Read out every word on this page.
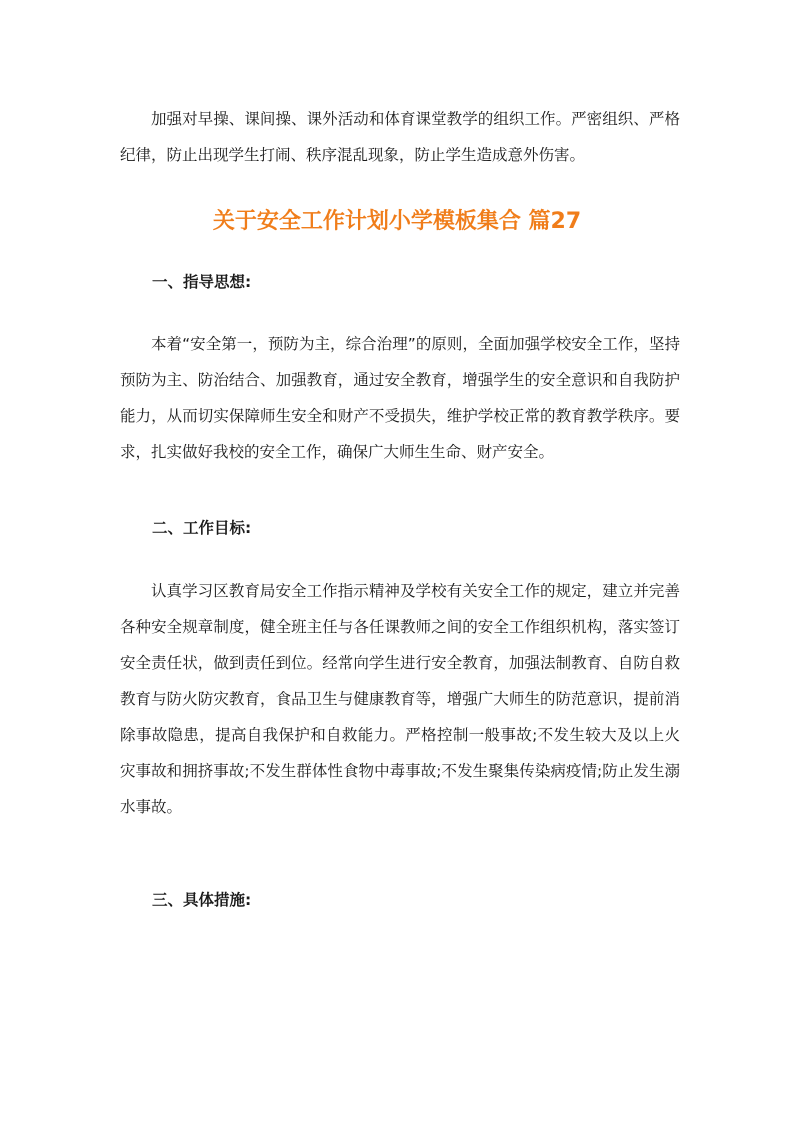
加强对早操、课间操、课外活动和体育课堂教学的组织工作。严密组织、严格纪律，防止出现学生打闹、秩序混乱现象，防止学生造成意外伤害。

关于安全工作计划小学模板集合 篇27
一、指导思想:

本着“安全第一，预防为主，综合治理”的原则，全面加强学校安全工作，坚持预防为主、防治结合、加强教育，通过安全教育，增强学生的安全意识和自我防护能力，从而切实保障师生安全和财产不受损失，维护学校正常的教育教学秩序。要求，扎实做好我校的安全工作，确保广大师生生命、财产安全。

二、工作目标:

认真学习区教育局安全工作指示精神及学校有关安全工作的规定，建立并完善各种安全规章制度，健全班主任与各任课教师之间的安全工作组织机构，落实签订安全责任状，做到责任到位。经常向学生进行安全教育，加强法制教育、自防自救教育与防火防灾教育，食品卫生与健康教育等，增强广大师生的防范意识，提前消除事故隐患，提高自我保护和自救能力。严格控制一般事故;不发生较大及以上火灾事故和拥挤事故;不发生群体性食物中毒事故;不发生聚集传染病疫情;防止发生溺水事故。

三、具体措施:
